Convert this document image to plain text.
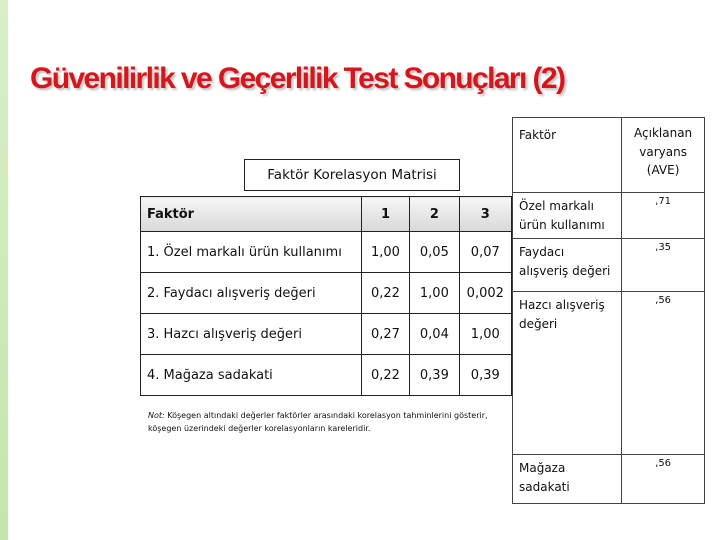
Güvenilirlik ve Geçerlilik Test Sonuçları (2)
Faktör	Açıklanan varyans (AVE)
Özel markalı ürün kullanımı	,71
Faydacı alışveriş değeri	,35
Hazcı alışveriş değeri	,56
Mağaza sadakati	,56
Faktör Korelasyon Matrisi
Faktör	1	2	3
1. Özel markalı ürün kullanımı	1,00	0,05	0,07
2. Faydacı alışveriş değeri	0,22	1,00	0,002
3. Hazcı alışveriş değeri	0,27	0,04	1,00
4. Mağaza sadakati	0,22	0,39	0,39
Not: Köşegen altındaki değerler faktörler arasındaki korelasyon tahminlerini gösterir, köşegen üzerindeki değerler korelasyonların kareleridir.
